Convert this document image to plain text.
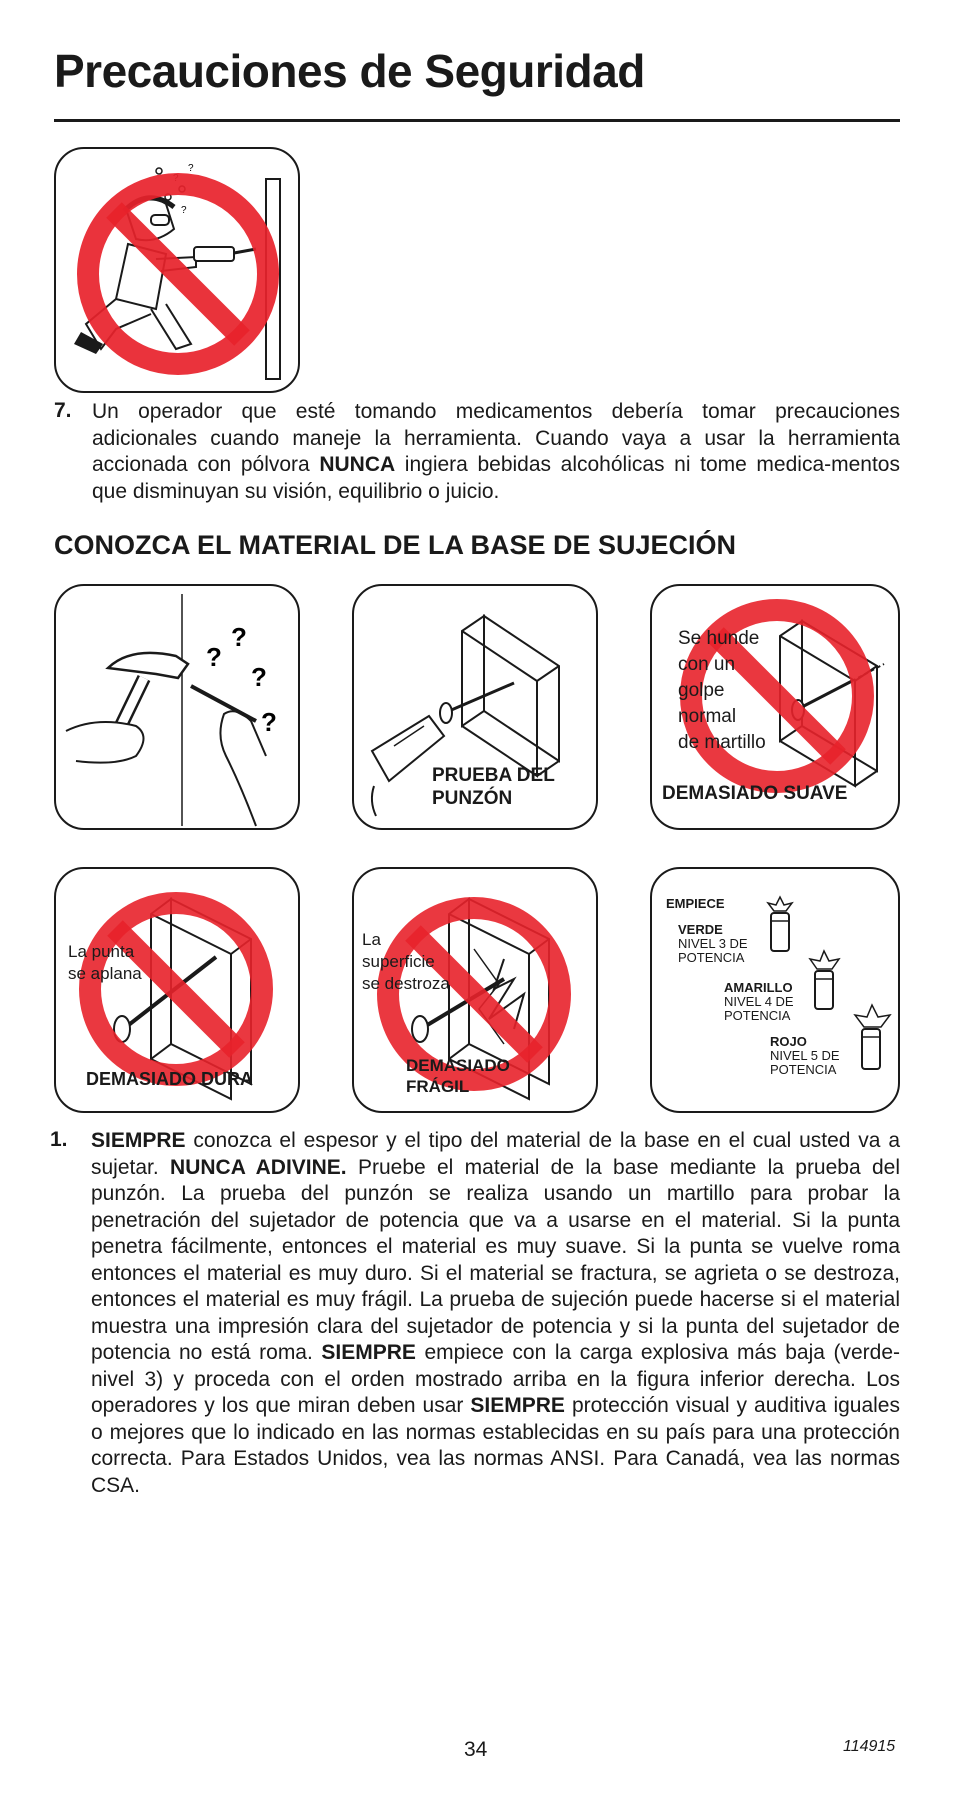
Precauciones de Seguridad
?
?
?
7. Un operador que esté tomando medicamentos debería tomar precauciones adicionales cuando maneje la herramienta. Cuando vaya a usar la herramienta accionada con pólvora NUNCA ingiera bebidas alcohólicas ni tome medica-mentos que disminuyan su visión, equilibrio o juicio.

CONOZCA EL MATERIAL DE LA BASE DE SUJECIÓN
?
?
?
?
PRUEBA DEL
PUNZÓN
Se hunde
con un
golpe
normal
de martillo
DEMASIADO SUAVE
La punta
se aplana
DEMASIADO DURA
La
superficie
se destroza
DEMASIADO
FRÁGIL
EMPIECE
VERDE
NIVEL 3 DE
POTENCIA
AMARILLO
NIVEL 4 DE
POTENCIA
ROJO
NIVEL 5 DE
POTENCIA
1. SIEMPRE conozca el espesor y el tipo del material de la base en el cual usted va a sujetar. NUNCA ADIVINE. Pruebe el material de la base mediante la prueba del punzón. La prueba del punzón se realiza usando un martillo para probar la penetración del sujetador de potencia que va a usarse en el material. Si la punta penetra fácilmente, entonces el material es muy suave. Si la punta se vuelve roma entonces el material es muy duro. Si el material se fractura, se agrieta o se destroza, entonces el material es muy frágil. La prueba de sujeción puede hacerse si el material muestra una impresión clara del sujetador de potencia y si la punta del sujetador de potencia no está roma. SIEMPRE empiece con la carga explosiva más baja (verde-nivel 3) y proceda con el orden mostrado arriba en la figura inferior derecha. Los operadores y los que miran deben usar SIEMPRE protección visual y auditiva iguales o mejores que lo indicado en las normas establecidas en su país para una protección correcta. Para Estados Unidos, vea las normas ANSI. Para Canadá, vea las normas CSA.

34	114915
